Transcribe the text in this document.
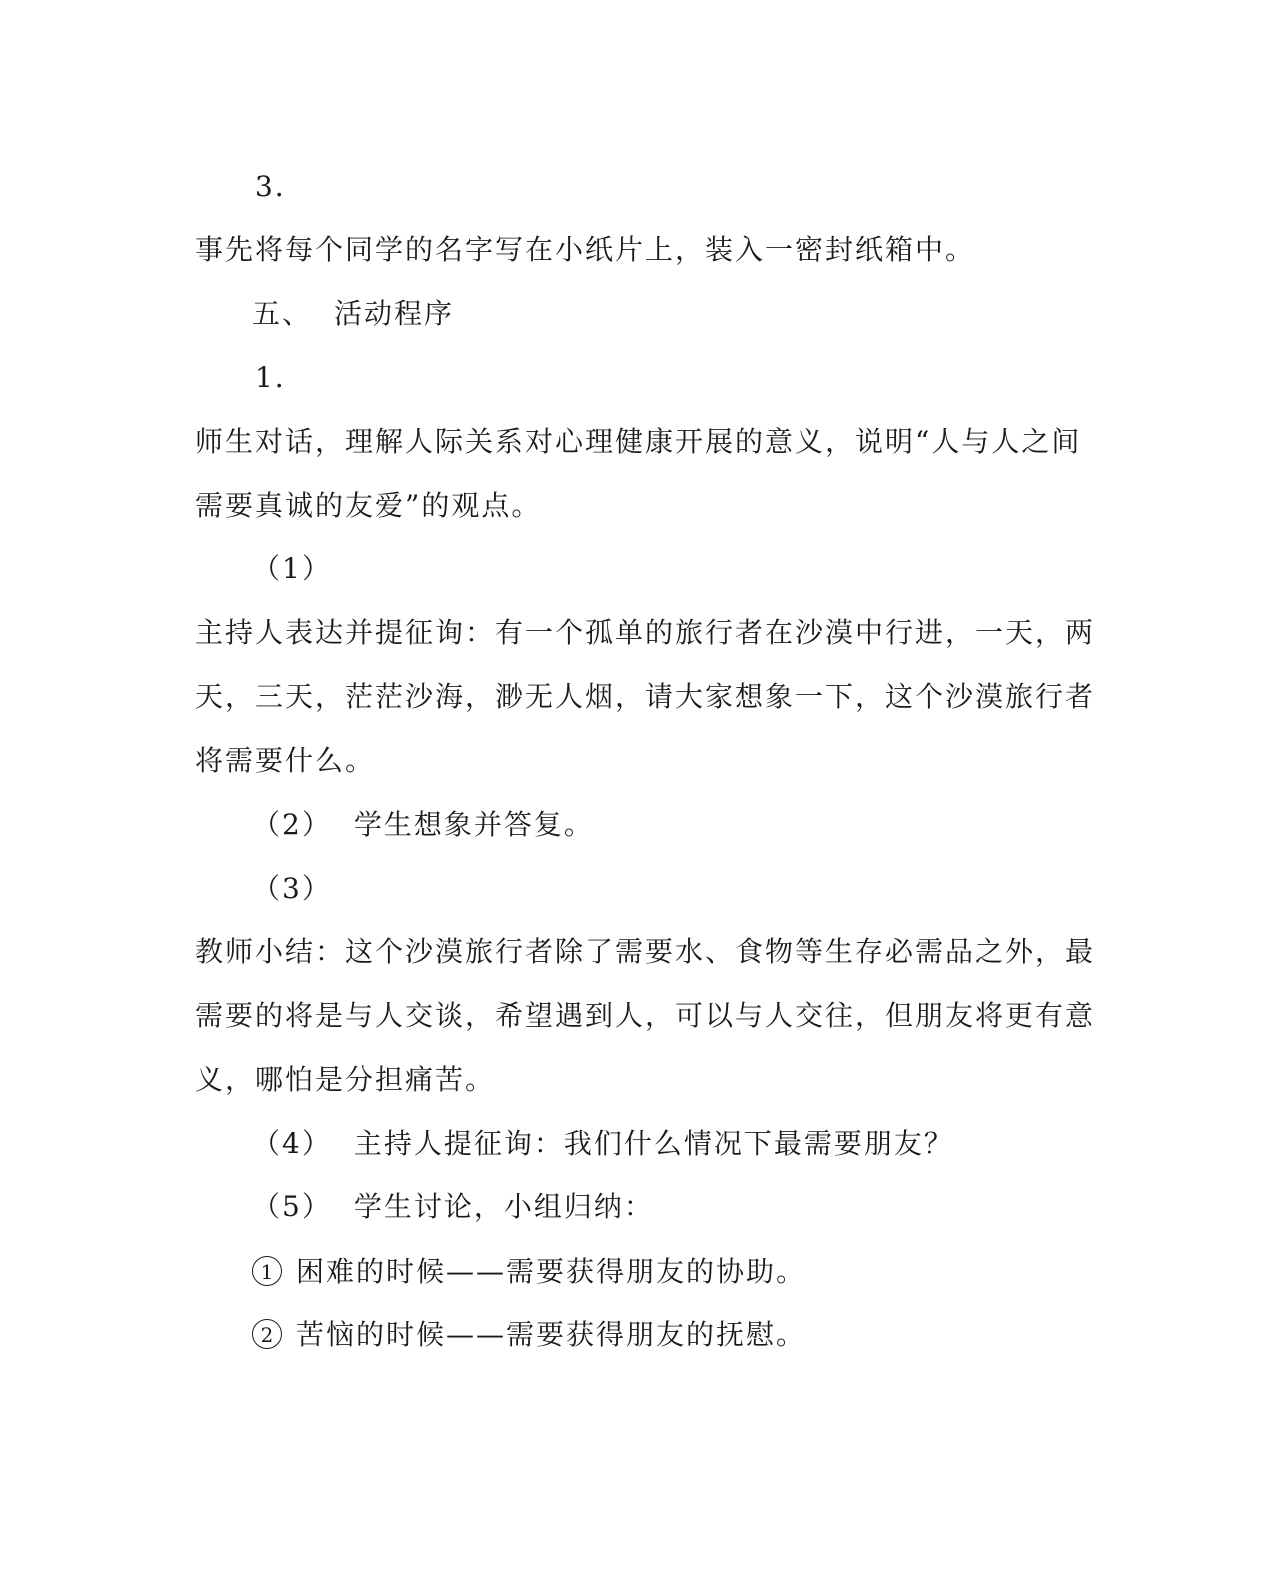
3．
事先将每个同学的名字写在小纸片上，装入一密封纸箱中。
五、 活动程序
1．
师生对话，理解人际关系对心理健康开展的意义，说明“人与人之间
需要真诚的友爱”的观点。
（1）
主持人表达并提征询：有一个孤单的旅行者在沙漠中行进，一天，两
天，三天，茫茫沙海，渺无人烟，请大家想象一下，这个沙漠旅行者
将需要什么。
（2） 学生想象并答复。
（3）
教师小结：这个沙漠旅行者除了需要水、食物等生存必需品之外，最
需要的将是与人交谈，希望遇到人，可以与人交往，但朋友将更有意
义，哪怕是分担痛苦。
（4） 主持人提征询：我们什么情况下最需要朋友？
（5） 学生讨论，小组归纳：
1 困难的时候——需要获得朋友的协助。
2 苦恼的时候——需要获得朋友的抚慰。
